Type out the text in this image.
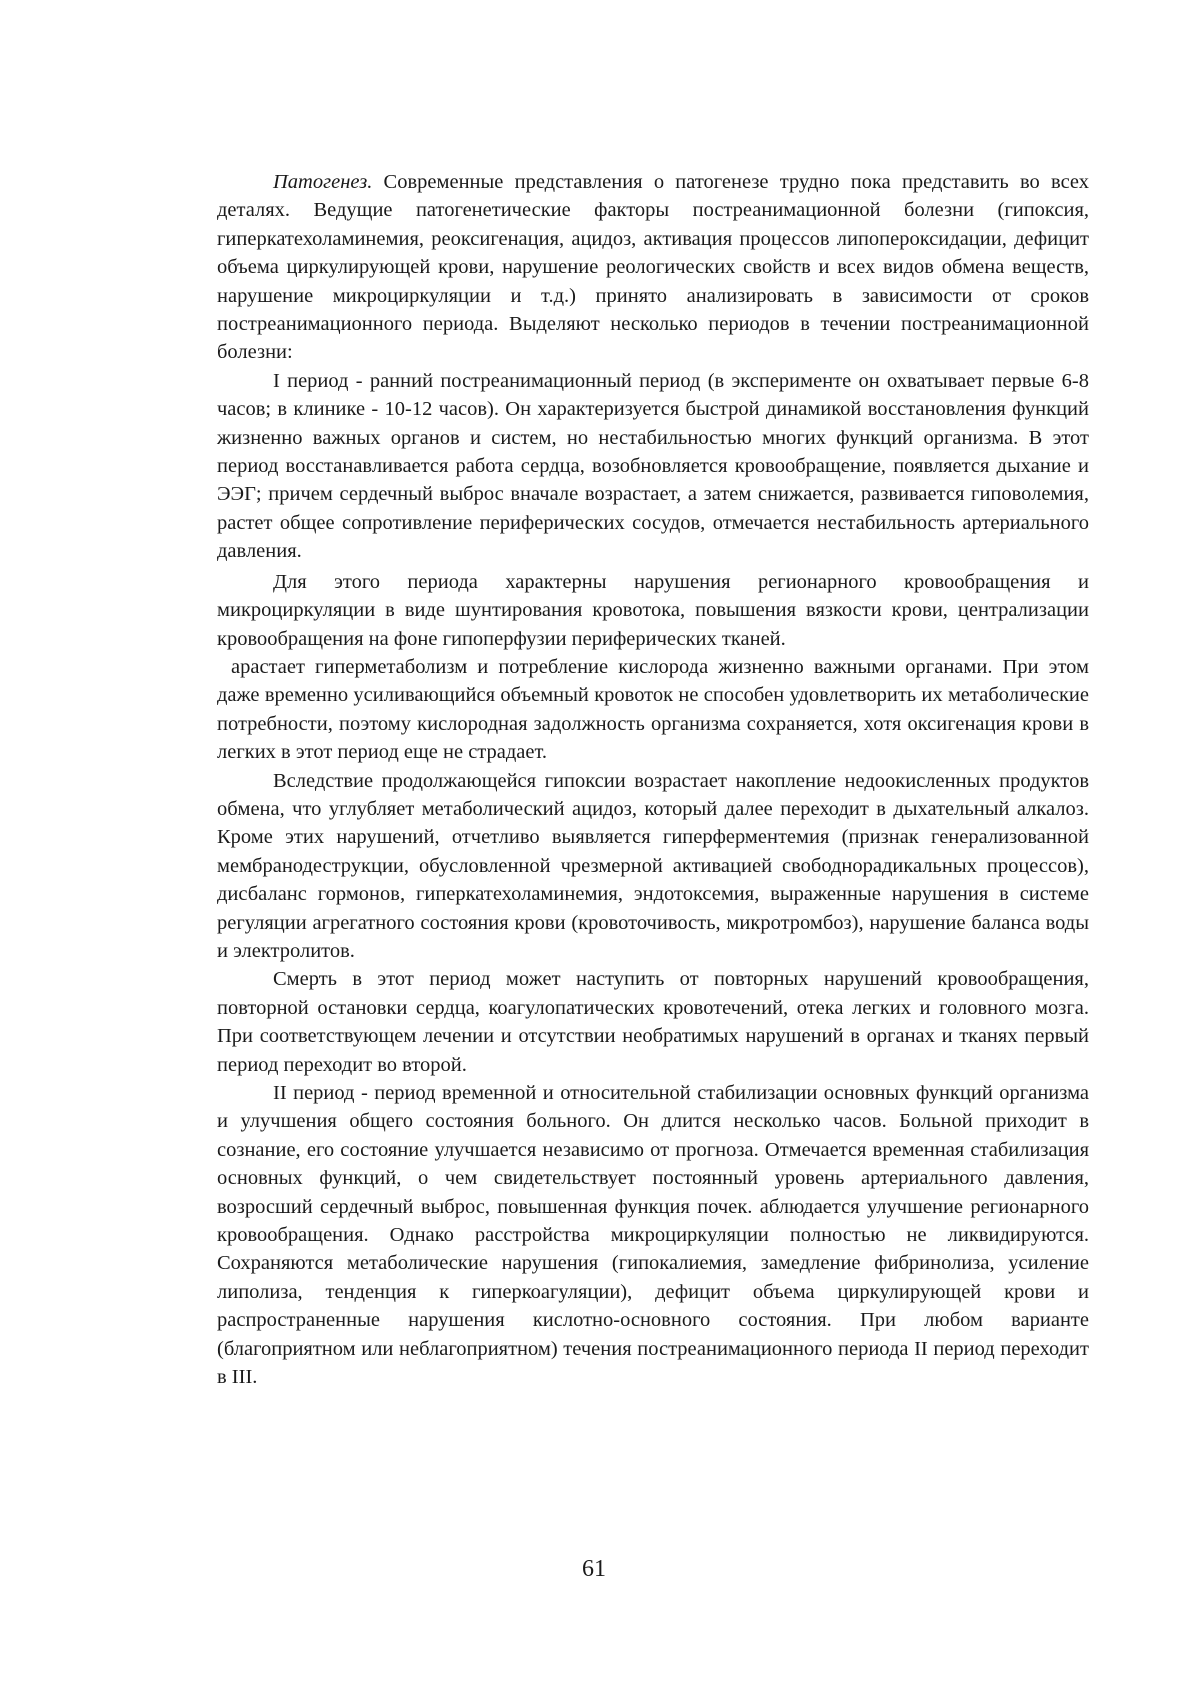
Патогенез. Современные представления о патогенезе трудно пока представить во всех деталях. Ведущие патогенетические факторы постреанимационной болезни (гипоксия, гиперкатехоламинемия, реоксигенация, ацидоз, активация процессов липопероксидации, дефицит объема циркулирующей крови, нарушение реологических свойств и всех видов обмена веществ, нарушение микроциркуляции и т.д.) принято анализировать в зависимости от сроков постреанимационного периода. Выделяют несколько периодов в течении постреанимационной болезни:

I период - ранний постреанимационный период (в эксперименте он охватывает первые 6-8 часов; в клинике - 10-12 часов). Он характеризуется быстрой динамикой восстановления функций жизненно важных органов и систем, но нестабильностью многих функций организма. В этот период восстанавливается работа сердца, возобновляется кровообращение, появляется дыхание и ЭЭГ; причем сердечный выброс вначале возрастает, а затем снижается, развивается гиповолемия, растет общее сопротивление периферических сосудов, отмечается нестабильность артериального давления.

Для этого периода характерны нарушения регионарного кровообращения и микроциркуляции в виде шунтирования кровотока, повышения вязкости крови, централизации кровообращения на фоне гипоперфузии периферических тканей.

арастает гиперметаболизм и потребление кислорода жизненно важными органами. При этом даже временно усиливающийся объемный кровоток не способен удовлетворить их метаболические потребности, поэтому кислородная задолжность организма сохраняется, хотя оксигенация крови в легких в этот период еще не страдает.

Вследствие продолжающейся гипоксии возрастает накопление недоокисленных продуктов обмена, что углубляет метаболический ацидоз, который далее переходит в дыхательный алкалоз. Кроме этих нарушений, отчетливо выявляется гиперферментемия (признак генерализованной мембранодеструкции, обусловленной чрезмерной активацией свободнорадикальных процессов), дисбаланс гормонов, гиперкатехоламинемия, эндотоксемия, выраженные нарушения в системе регуляции агрегатного состояния крови (кровоточивость, микротромбоз), нарушение баланса воды и электролитов.

Смерть в этот период может наступить от повторных нарушений кровообращения, повторной остановки сердца, коагулопатических кровотечений, отека легких и головного мозга. При соответствующем лечении и отсутствии необратимых нарушений в органах и тканях первый период переходит во второй.

II период - период временной и относительной стабилизации основных функций организма и улучшения общего состояния больного. Он длится несколько часов. Больной приходит в сознание, его состояние улучшается независимо от прогноза. Отмечается временная стабилизация основных функций, о чем свидетельствует постоянный уровень артериального давления, возросший сердечный выброс, повышенная функция почек. аблюдается улучшение регионарного кровообращения. Однако расстройства микроциркуляции полностью не ликвидируются. Сохраняются метаболические нарушения (гипокалиемия, замедление фибринолиза, усиление липолиза, тенденция к гиперкоагуляции), дефицит объема циркулирующей крови и распространенные нарушения кислотно-основного состояния. При любом варианте (благоприятном или неблагоприятном) течения постреанимационного периода II период переходит в III.

61
